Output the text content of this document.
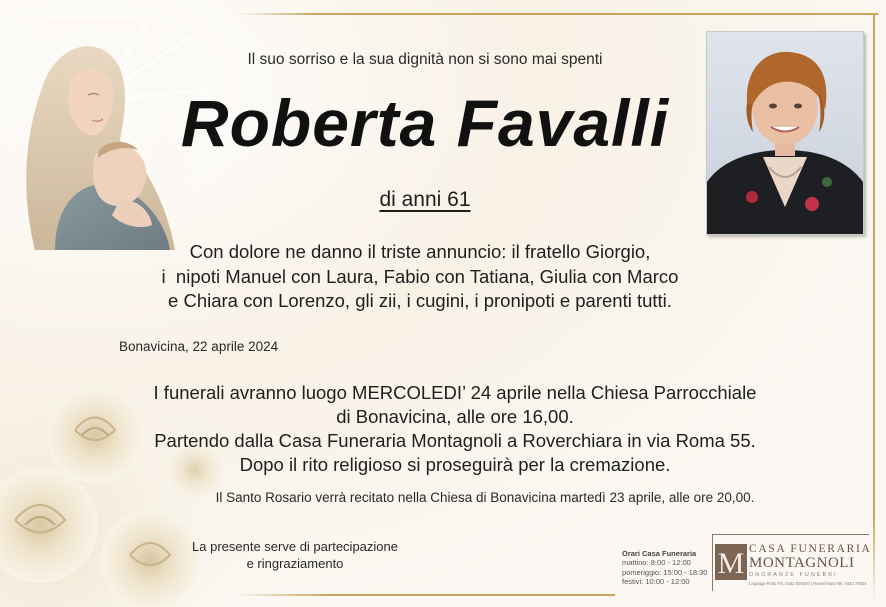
Il suo sorriso e la sua dignità non si sono mai spenti
Roberta Favalli
di anni 61
Con dolore ne danno il triste annuncio: il fratello Giorgio,
i  nipoti Manuel con Laura, Fabio con Tatiana, Giulia con Marco
e Chiara con Lorenzo, gli zii, i cugini, i pronipoti e parenti tutti.
Bonavicina, 22 aprile 2024
I funerali avranno luogo MERCOLEDI’ 24 aprile nella Chiesa Parrocchiale
di Bonavicina, alle ore 16,00.
Partendo dalla Casa Funeraria Montagnoli a Roverchiara in via Roma 55.
Dopo il rito religioso si proseguirà per la cremazione.
Il Santo Rosario verrà recitato nella Chiesa di Bonavicina martedì 23 aprile, alle ore 20,00.
La presente serve di partecipazione
e ringraziamento
Orari Casa Funeraria
mattino: 8:00 - 12:00
pomeriggio: 15:00 - 18:30
festivi: 10:00 - 12:00
M CASA FUNERARIA
MONTAGNOLI
ONORANZE FUNEBRI
Legnago Porto Tel. 0442 600420 | Roverchiara Tel. 0442 78024
